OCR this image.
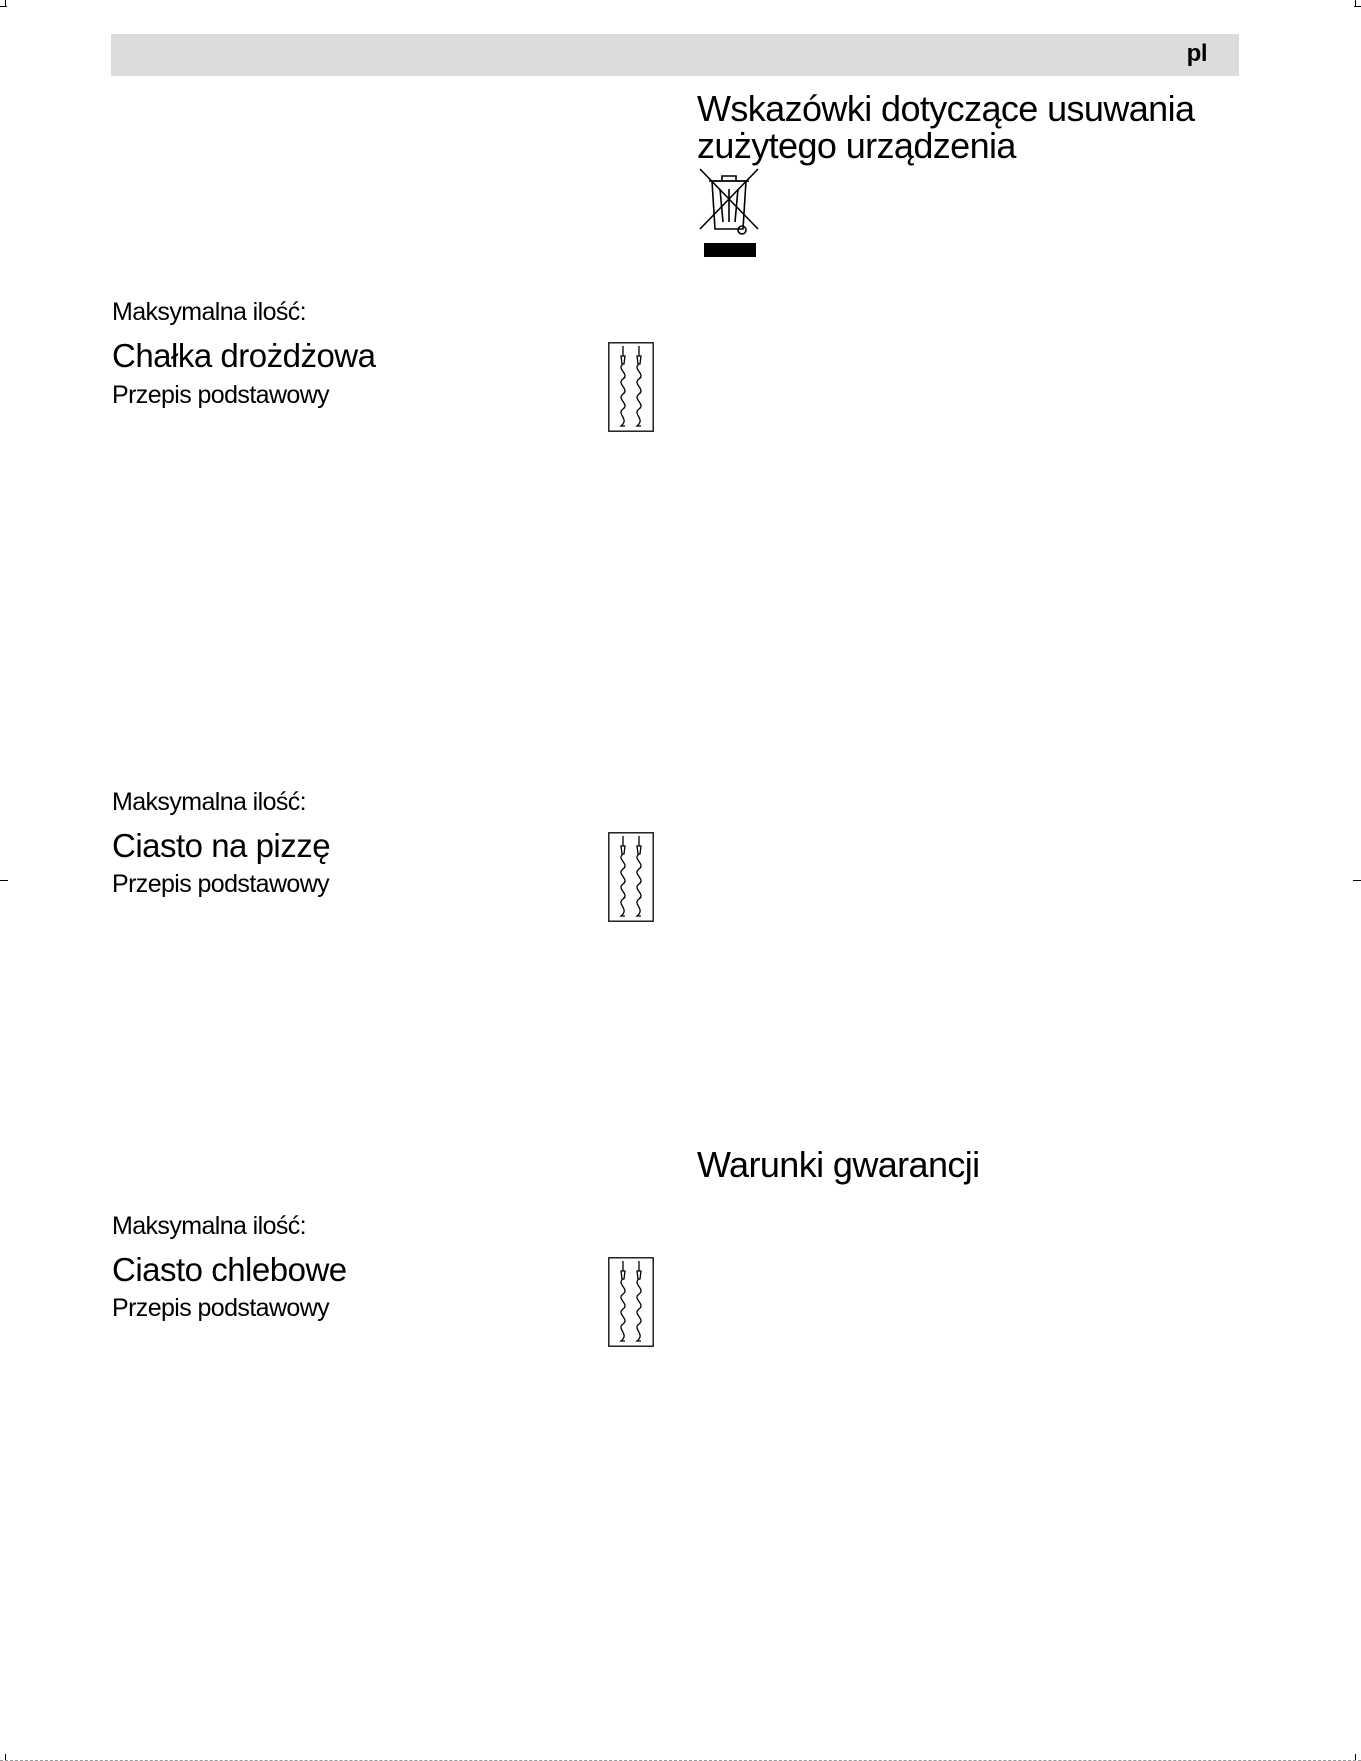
pl
Wskazówki dotyczące usuwania
zużytego urządzenia
Warunki gwarancji
Maksymalna ilość:
Chałka drożdżowa
Przepis podstawowy
Maksymalna ilość:
Ciasto na pizzę
Przepis podstawowy
Maksymalna ilość:
Ciasto chlebowe
Przepis podstawowy
